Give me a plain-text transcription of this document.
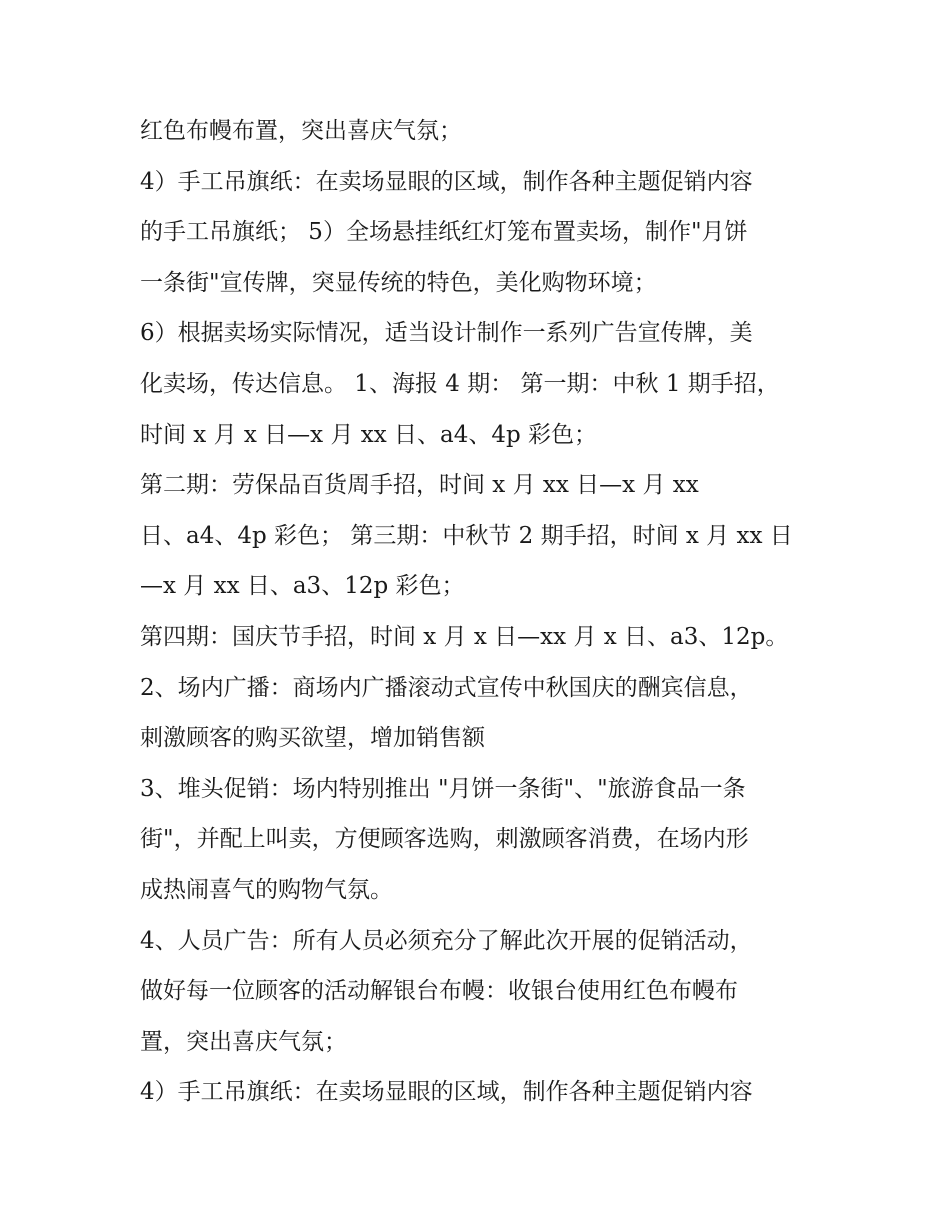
红色布幔布置，突出喜庆气氛；
4）手工吊旗纸：在卖场显眼的区域，制作各种主题促销内容
的手工吊旗纸； 5）全场悬挂纸红灯笼布置卖场，制作"月饼
一条街"宣传牌，突显传统的特色，美化购物环境；
6）根据卖场实际情况，适当设计制作一系列广告宣传牌，美
化卖场，传达信息。 1、海报 4 期： 第一期：中秋 1 期手招，
时间 x 月 x 日—x 月 xx 日、a4、4p 彩色；
第二期：劳保品百货周手招，时间 x 月 xx 日—x 月 xx
日、a4、4p 彩色； 第三期：中秋节 2 期手招，时间 x 月 xx 日
—x 月 xx 日、a3、12p 彩色；
第四期：国庆节手招，时间 x 月 x 日—xx 月 x 日、a3、12p。
2、场内广播：商场内广播滚动式宣传中秋国庆的酬宾信息，
刺激顾客的购买欲望，增加销售额
3、堆头促销：场内特别推出 "月饼一条街"、"旅游食品一条
街"，并配上叫卖，方便顾客选购，刺激顾客消费，在场内形
成热闹喜气的购物气氛。
4、人员广告：所有人员必须充分了解此次开展的促销活动，
做好每一位顾客的活动解银台布幔：收银台使用红色布幔布
置，突出喜庆气氛；
4）手工吊旗纸：在卖场显眼的区域，制作各种主题促销内容
